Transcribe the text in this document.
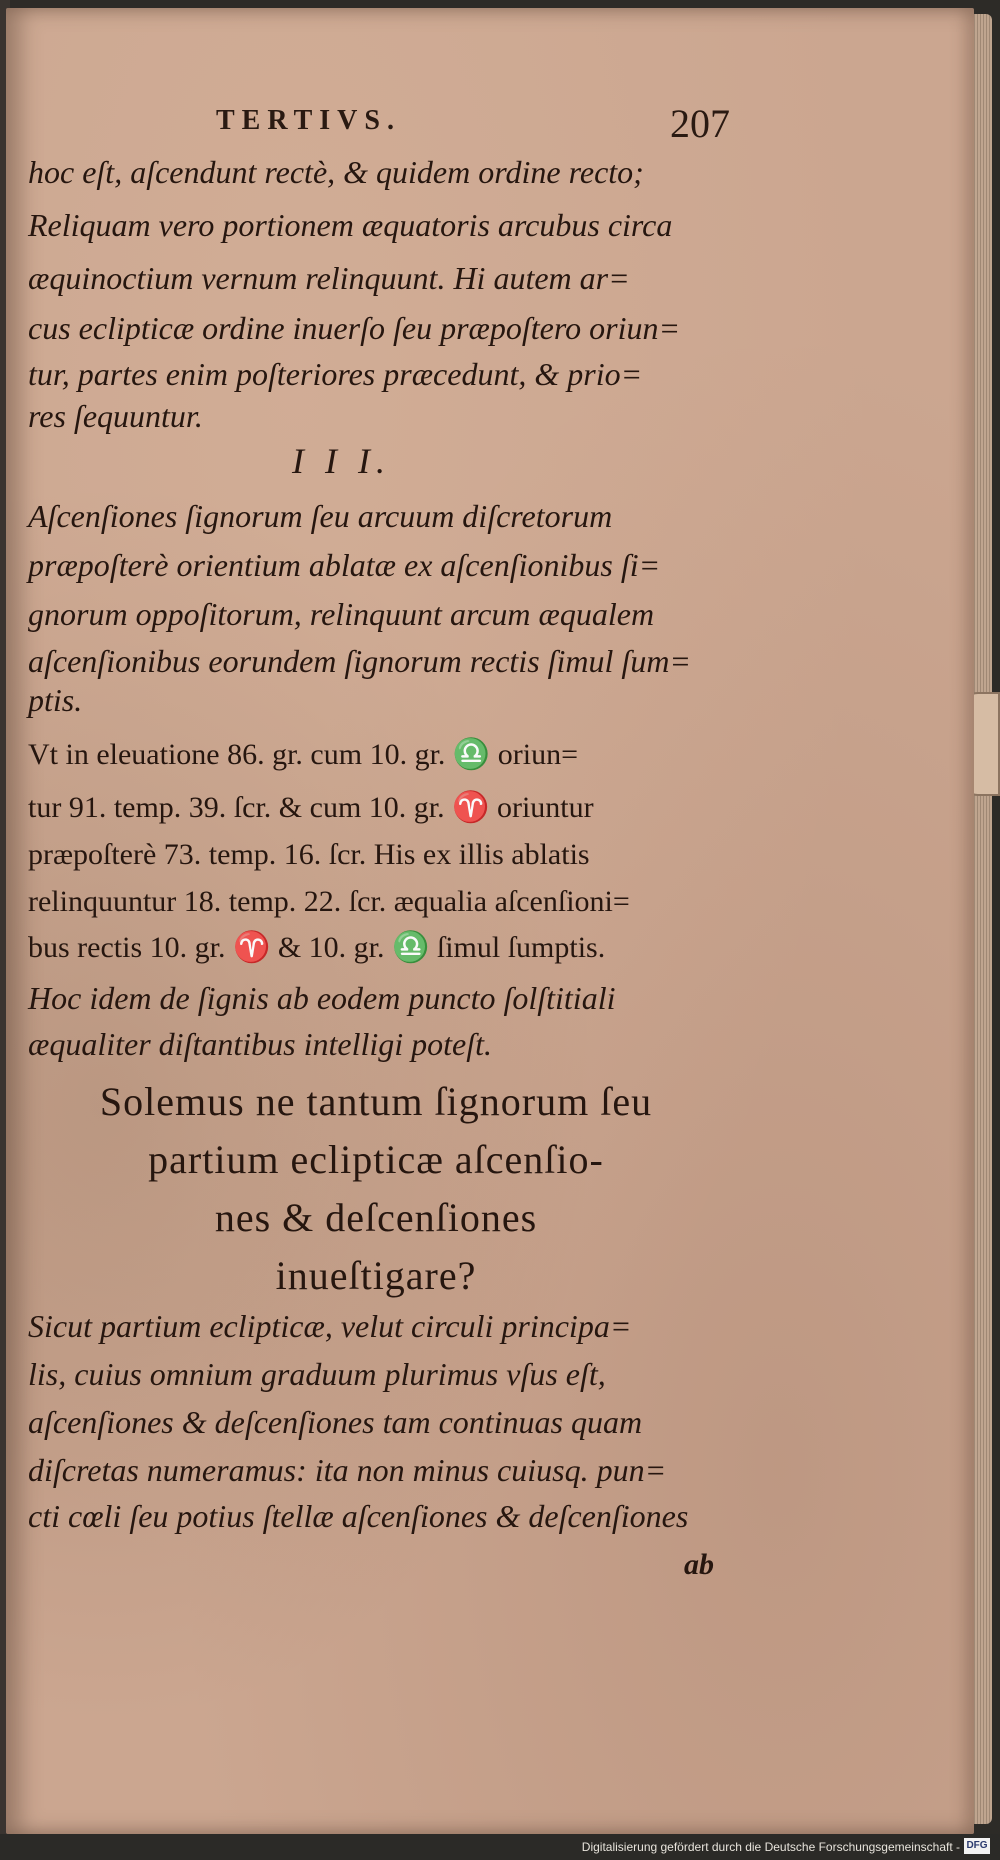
TERTIVS.	207
hoc eſt, aſcendunt rectè, & quidem ordine recto;
Reliquam vero portionem æquatoris arcubus circa
æquinoctium vernum relinquunt. Hi autem ar=
cus eclipticæ ordine inuerſo ſeu præpoſtero oriun=
tur, partes enim poſteriores præcedunt, & prio=
res ſequuntur.
I I I.
Aſcenſiones ſignorum ſeu arcuum diſcretorum
præpoſterè orientium ablatæ ex aſcenſionibus ſi=
gnorum oppoſitorum, relinquunt arcum æqualem
aſcenſionibus eorundem ſignorum rectis ſimul ſum=
ptis.
Vt in eleuatione 86. gr. cum 10. gr. ♎ oriun=
tur 91. temp. 39. ſcr. & cum 10. gr. ♈ oriuntur
præpoſterè 73. temp. 16. ſcr. His ex illis ablatis
relinquuntur 18. temp. 22. ſcr. æqualia aſcenſioni=
bus rectis 10. gr. ♈ & 10. gr. ♎ ſimul ſumptis.
Hoc idem de ſignis ab eodem puncto ſolſtitiali
æqualiter diſtantibus intelligi poteſt.
Solemus ne tantum ſignorum ſeu
partium eclipticæ aſcenſio-
nes & deſcenſiones
inueſtigare?
Sicut partium eclipticæ, velut circuli principa=
lis, cuius omnium graduum plurimus vſus eſt,
aſcenſiones & deſcenſiones tam continuas quam
diſcretas numeramus: ita non minus cuiusq. pun=
cti cœli ſeu potius ſtellæ aſcenſiones & deſcenſiones
ab
Digitalisierung gefördert durch die Deutsche Forschungsgemeinschaft - DFG
